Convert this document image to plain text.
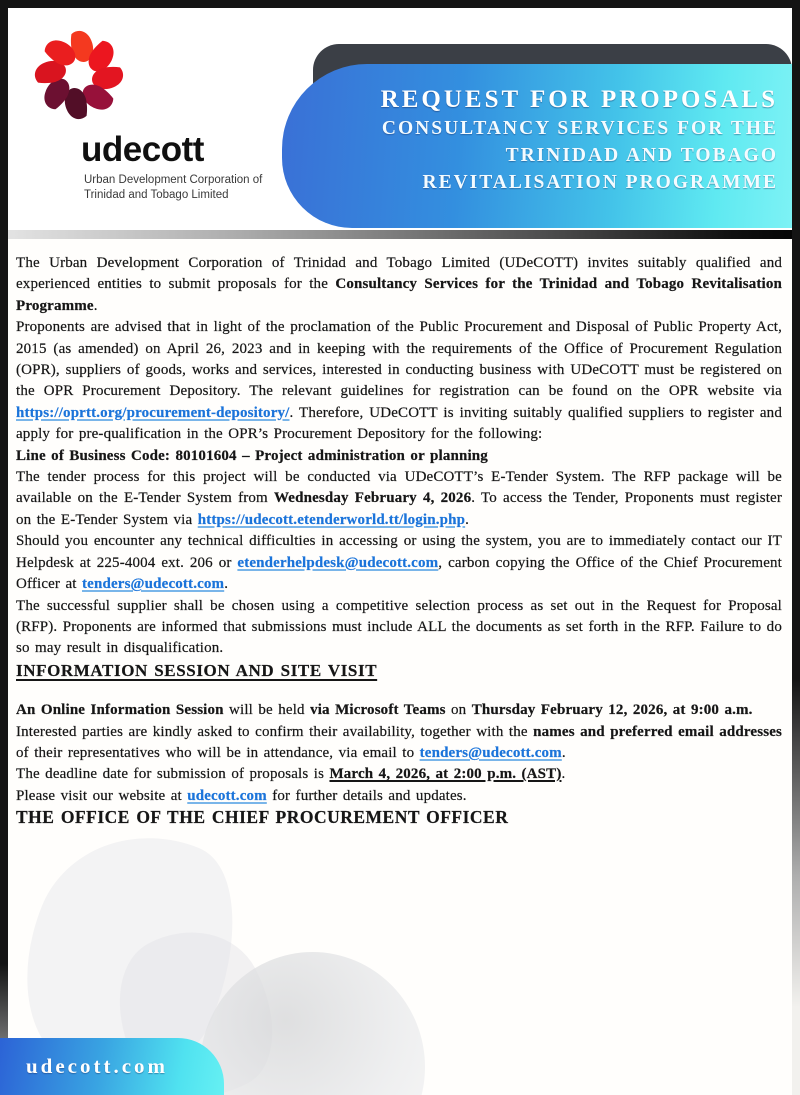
udecott
Urban Development Corporation of
Trinidad and Tobago Limited
REQUEST FOR PROPOSALS
CONSULTANCY SERVICES FOR THE
TRINIDAD AND TOBAGO
REVITALISATION PROGRAMME

The Urban Development Corporation of Trinidad and Tobago Limited (UDeCOTT) invites suitably qualified and experienced entities to submit proposals for the Consultancy Services for the Trinidad and Tobago Revitalisation Programme.

Proponents are advised that in light of the proclamation of the Public Procurement and Disposal of Public Property Act, 2015 (as amended) on April 26, 2023 and in keeping with the requirements of the Office of Procurement Regulation (OPR), suppliers of goods, works and services, interested in conducting business with UDeCOTT must be registered on the OPR Procurement Depository. The relevant guidelines for registration can be found on the OPR website via https://oprtt.org/procurement-depository/. Therefore, UDeCOTT is inviting suitably qualified suppliers to register and apply for pre-qualification in the OPR’s Procurement Depository for the following:

Line of Business Code: 80101604 – Project administration or planning

The tender process for this project will be conducted via UDeCOTT’s E-Tender System. The RFP package will be available on the E-Tender System from Wednesday February 4, 2026. To access the Tender, Proponents must register on the E-Tender System via https://udecott.etenderworld.tt/login.php.

Should you encounter any technical difficulties in accessing or using the system, you are to immediately contact our IT Helpdesk at 225-4004 ext. 206 or etenderhelpdesk@udecott.com, carbon copying the Office of the Chief Procurement Officer at tenders@udecott.com.

The successful supplier shall be chosen using a competitive selection process as set out in the Request for Proposal (RFP). Proponents are informed that submissions must include ALL the documents as set forth in the RFP. Failure to do so may result in disqualification.

INFORMATION SESSION AND SITE VISIT

An Online Information Session will be held via Microsoft Teams on Thursday February 12, 2026, at 9:00 a.m.

Interested parties are kindly asked to confirm their availability, together with the names and preferred email addresses of their representatives who will be in attendance, via email to tenders@udecott.com.

The deadline date for submission of proposals is March 4, 2026, at 2:00 p.m. (AST).

Please visit our website at udecott.com for further details and updates.

THE OFFICE OF THE CHIEF PROCUREMENT OFFICER

udecott.com
